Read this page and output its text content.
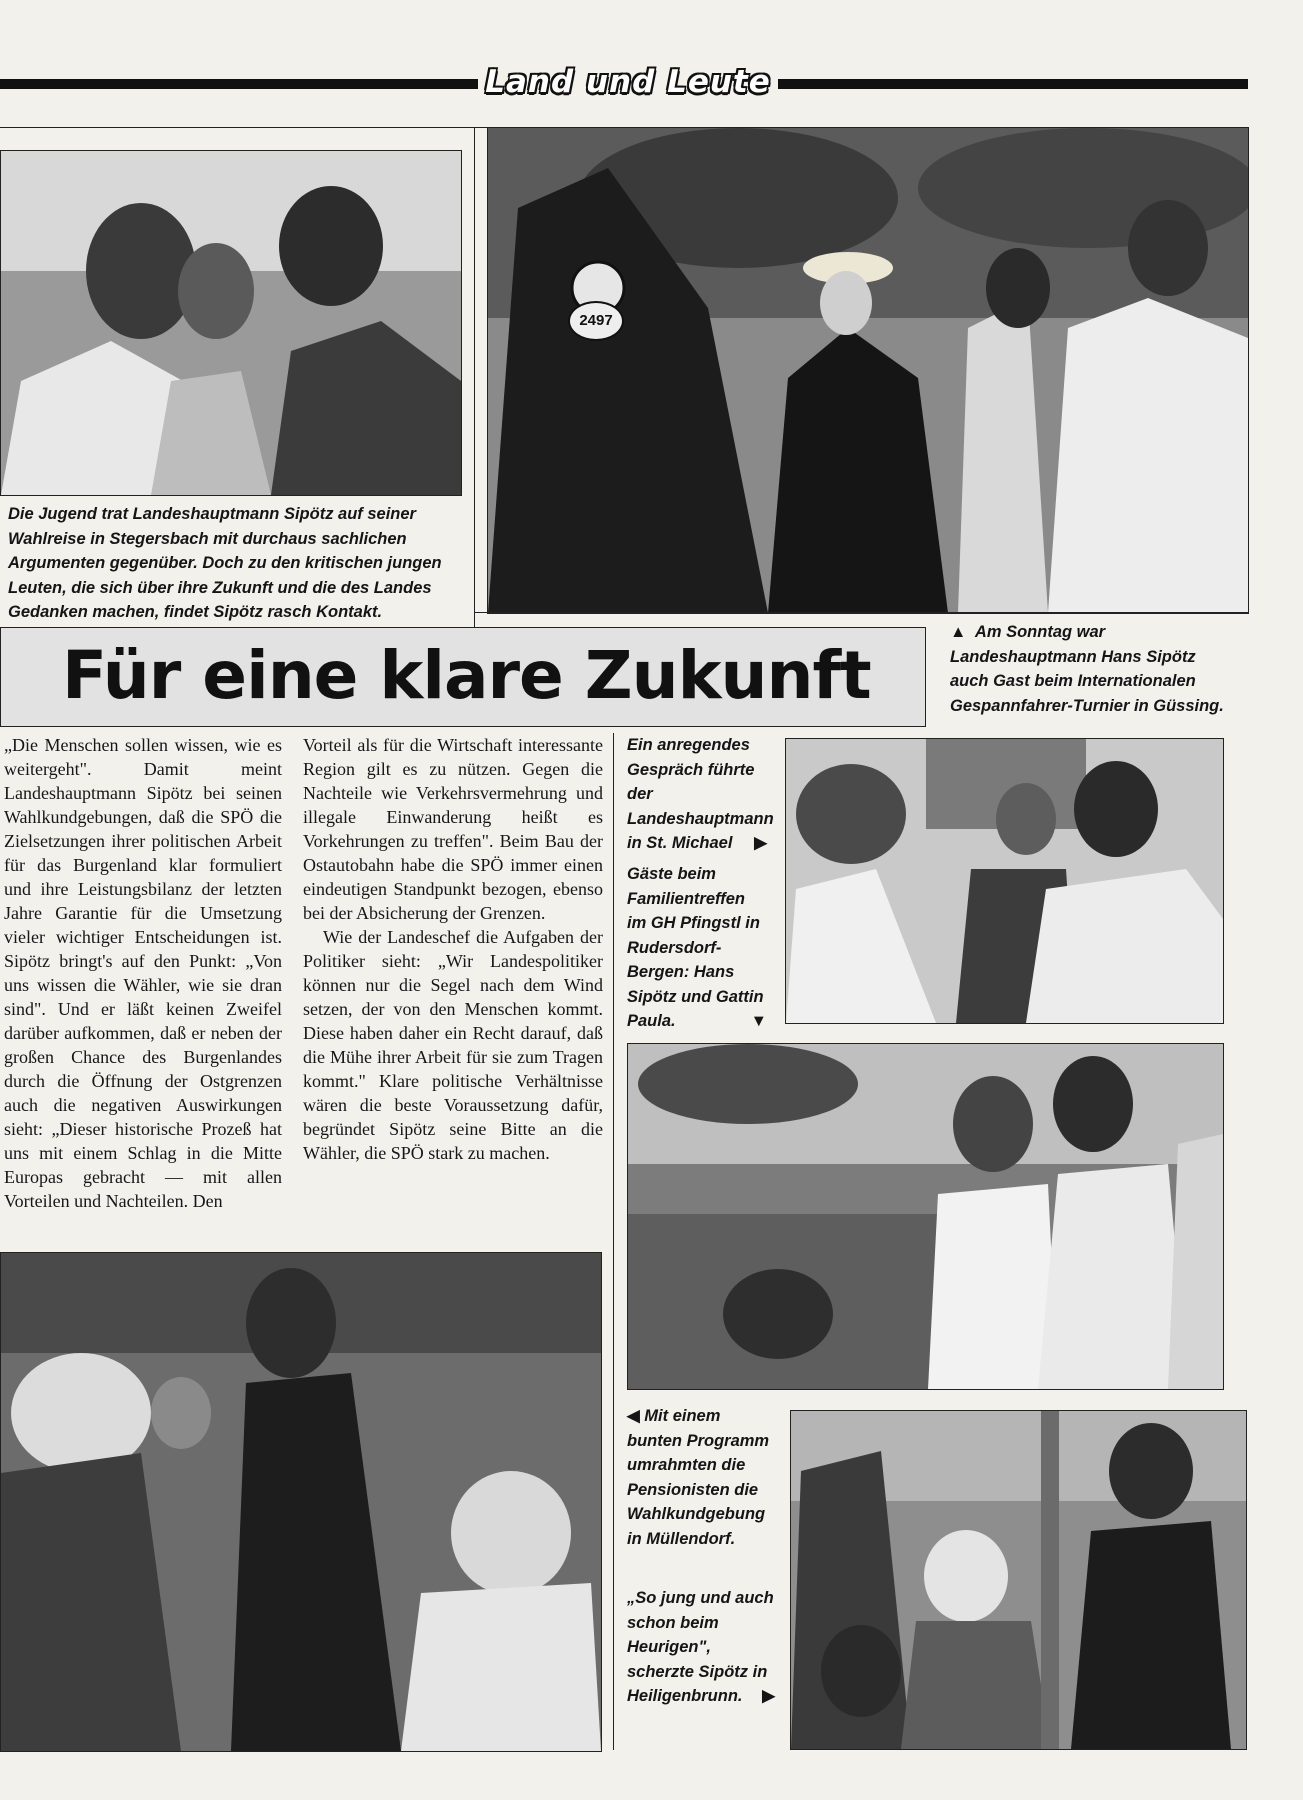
Land und Leute
Die Jugend trat Landeshauptmann Sipötz auf seiner Wahlreise in Stegersbach mit durchaus sachlichen Argumenten gegenüber. Doch zu den kritischen jungen Leuten, die sich über ihre Zukunft und die des Landes Gedanken machen, findet Sipötz rasch Kontakt.
2497
▲ Am Sonntag war Landeshauptmann Hans Sipötz auch Gast beim Internationalen Gespannfahrer-Turnier in Güssing.
Für eine klare Zukunft

„Die Menschen sollen wissen, wie es weitergeht". Damit meint Landeshauptmann Sipötz bei seinen Wahlkundgebungen, daß die SPÖ die Zielsetzungen ihrer politischen Arbeit für das Burgenland klar formuliert und ihre Leistungsbilanz der letzten Jahre Garantie für die Umsetzung vieler wichtiger Entscheidungen ist. Sipötz bringt's auf den Punkt: „Von uns wissen die Wähler, wie sie dran sind". Und er läßt keinen Zweifel darüber aufkommen, daß er neben der großen Chance des Burgenlandes durch die Öffnung der Ostgrenzen auch die negativen Auswirkungen sieht: „Dieser historische Prozeß hat uns mit einem Schlag in die Mitte Europas gebracht — mit allen Vorteilen und Nachteilen. Den

Vorteil als für die Wirtschaft interessante Region gilt es zu nützen. Gegen die Nachteile wie Verkehrsvermehrung und illegale Einwanderung heißt es Vorkehrungen zu treffen". Beim Bau der Ostautobahn habe die SPÖ immer einen eindeutigen Standpunkt bezogen, ebenso bei der Absicherung der Grenzen.

Wie der Landeschef die Aufgaben der Politiker sieht: „Wir Landespolitiker können nur die Segel nach dem Wind setzen, der von den Menschen kommt. Diese haben daher ein Recht darauf, daß die Mühe ihrer Arbeit für sie zum Tragen kommt." Klare politische Verhältnisse wären die beste Voraussetzung dafür, begründet Sipötz seine Bitte an die Wähler, die SPÖ stark zu machen.

Ein anregendes Gespräch führte der Landeshauptmann in St. Michael ▶
Gäste beim Familientreffen im GH Pfingstl in Rudersdorf-Bergen: Hans Sipötz und Gattin Paula.	▼
◀ Mit einem bunten Programm umrahmten die Pensionisten die Wahlkundgebung in Müllendorf.
„So jung und auch schon beim Heurigen", scherzte Sipötz in Heiligenbrunn. ▶
